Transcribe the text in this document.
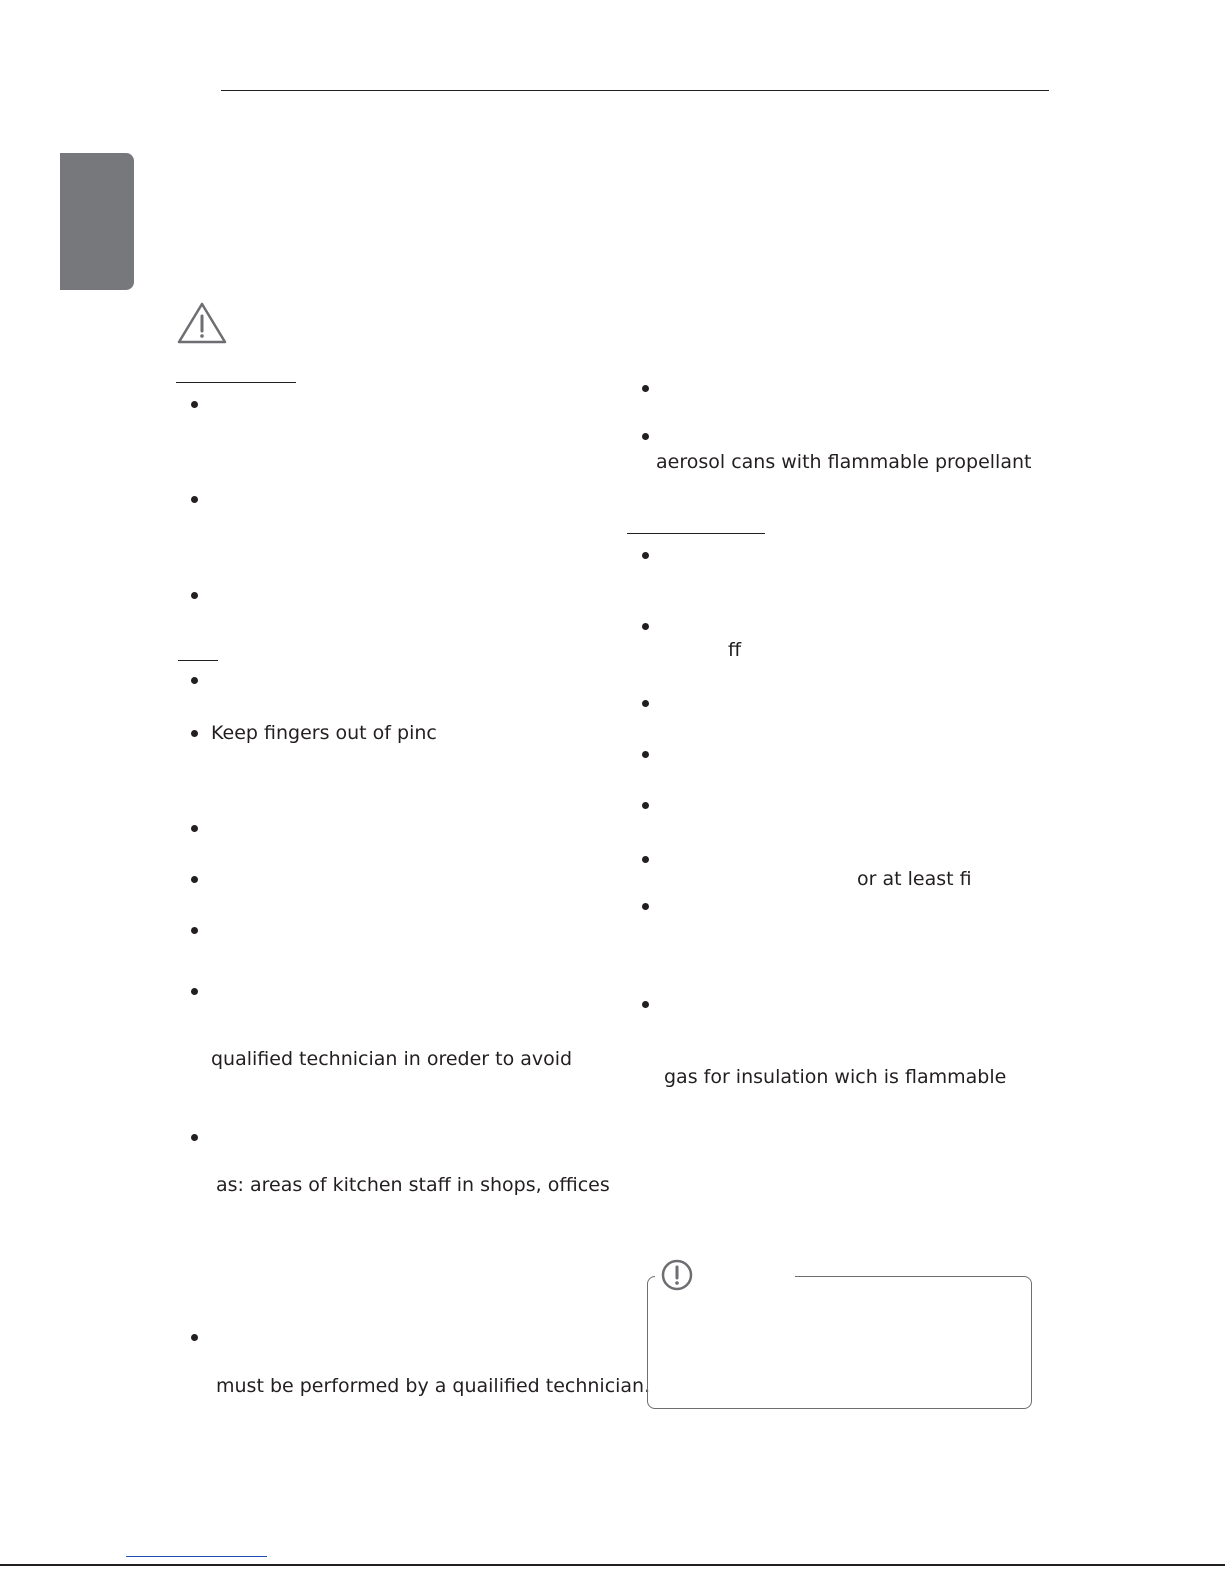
Keep fingers out of pinc
qualified technician in oreder to avoid
as: areas of kitchen staff in shops, offices
must be performed by a quailified technician.
aerosol cans with flammable propellant
ff
or at least fi
gas for insulation wich is flammable
